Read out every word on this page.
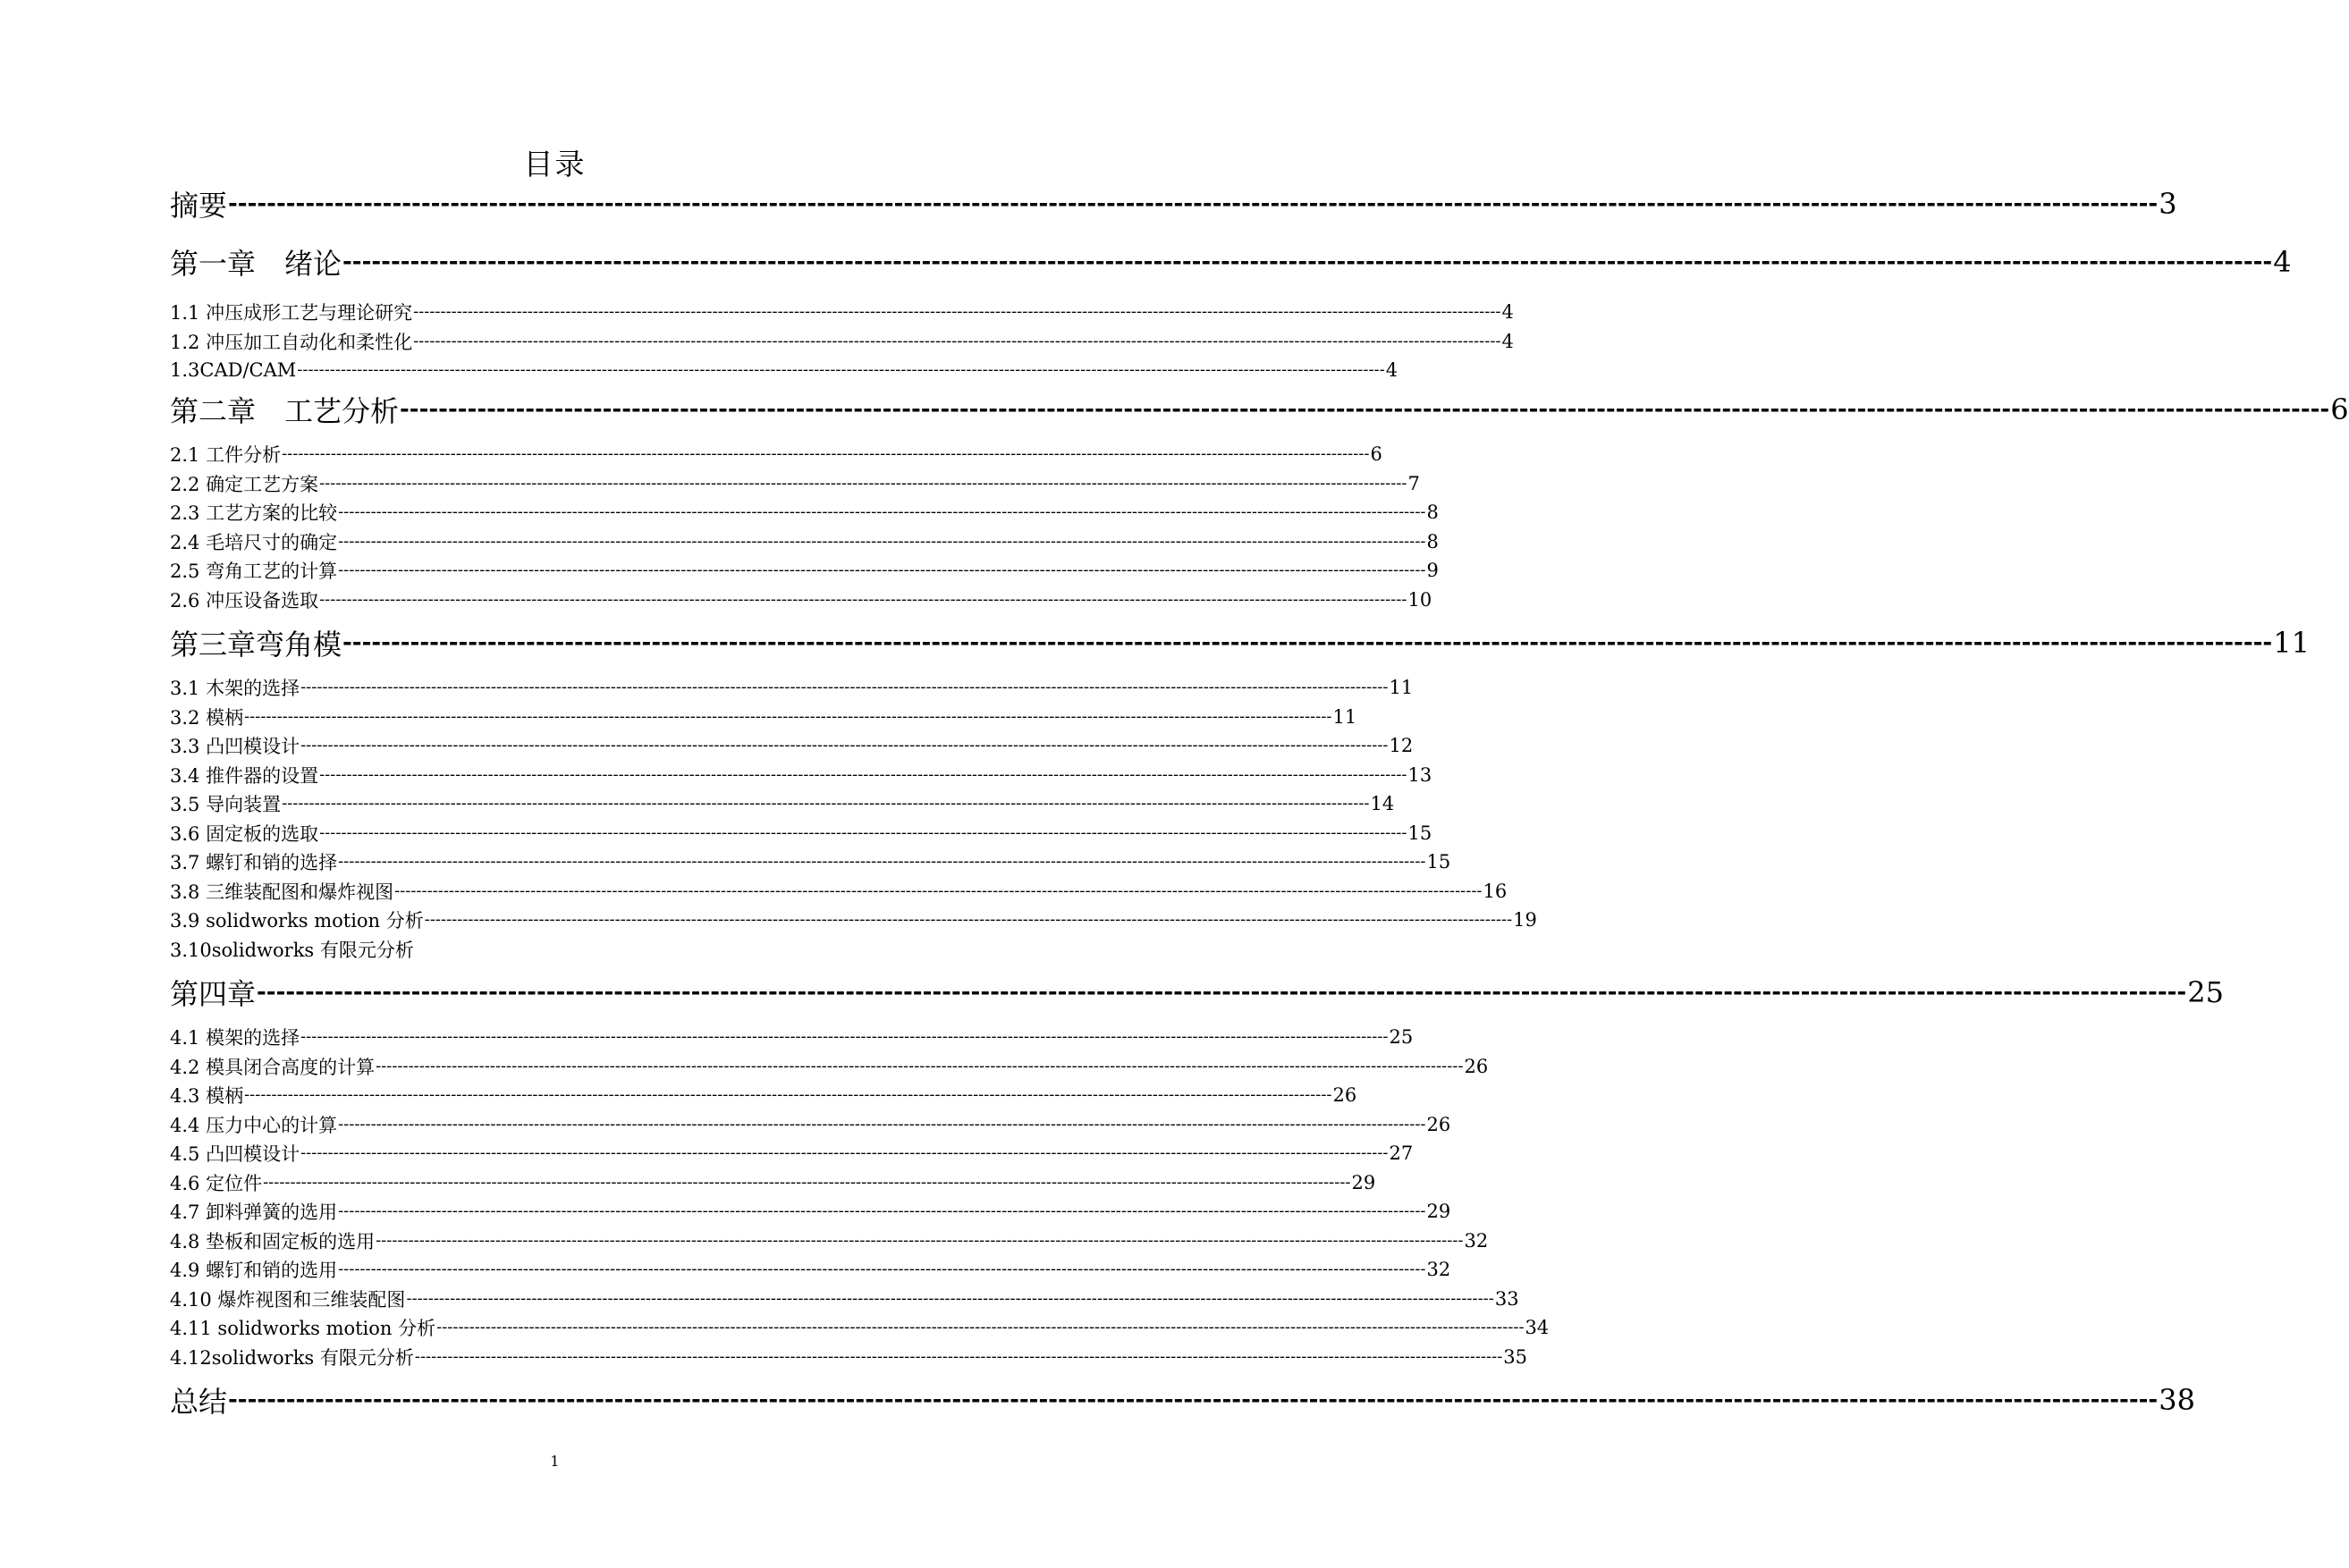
目录
摘要 -------------------------------------------------------------------------------------------------------------------------------------------------------------------------------------------------------- 3
第一章　绪论 -------------------------------------------------------------------------------------------------------------------------------------------------------------------------------------------------------- 4
1.1 冲压成形工艺与理论研究 -------------------------------------------------------------------------------------------------------------------------------------------------------------------------------------------------------- 4
1.2 冲压加工自动化和柔性化 -------------------------------------------------------------------------------------------------------------------------------------------------------------------------------------------------------- 4
1.3CAD/CAM -------------------------------------------------------------------------------------------------------------------------------------------------------------------------------------------------------- 4
第二章　工艺分析 -------------------------------------------------------------------------------------------------------------------------------------------------------------------------------------------------------- 6
2.1 工件分析 -------------------------------------------------------------------------------------------------------------------------------------------------------------------------------------------------------- 6
2.2 确定工艺方案 -------------------------------------------------------------------------------------------------------------------------------------------------------------------------------------------------------- 7
2.3 工艺方案的比较 -------------------------------------------------------------------------------------------------------------------------------------------------------------------------------------------------------- 8
2.4 毛培尺寸的确定 -------------------------------------------------------------------------------------------------------------------------------------------------------------------------------------------------------- 8
2.5 弯角工艺的计算 -------------------------------------------------------------------------------------------------------------------------------------------------------------------------------------------------------- 9
2.6 冲压设备选取 -------------------------------------------------------------------------------------------------------------------------------------------------------------------------------------------------------- 10
第三章弯角模 -------------------------------------------------------------------------------------------------------------------------------------------------------------------------------------------------------- 11
3.1 木架的选择 -------------------------------------------------------------------------------------------------------------------------------------------------------------------------------------------------------- 11
3.2 模柄 -------------------------------------------------------------------------------------------------------------------------------------------------------------------------------------------------------- 11
3.3 凸凹模设计 -------------------------------------------------------------------------------------------------------------------------------------------------------------------------------------------------------- 12
3.4 推件器的设置 -------------------------------------------------------------------------------------------------------------------------------------------------------------------------------------------------------- 13
3.5 导向装置 -------------------------------------------------------------------------------------------------------------------------------------------------------------------------------------------------------- 14
3.6 固定板的选取 -------------------------------------------------------------------------------------------------------------------------------------------------------------------------------------------------------- 15
3.7 螺钉和销的选择 -------------------------------------------------------------------------------------------------------------------------------------------------------------------------------------------------------- 15
3.8 三维装配图和爆炸视图 -------------------------------------------------------------------------------------------------------------------------------------------------------------------------------------------------------- 16
3.9 solidworks motion 分析 -------------------------------------------------------------------------------------------------------------------------------------------------------------------------------------------------------- 19
3.10solidworks 有限元分析
第四章 -------------------------------------------------------------------------------------------------------------------------------------------------------------------------------------------------------- 25
4.1 模架的选择 -------------------------------------------------------------------------------------------------------------------------------------------------------------------------------------------------------- 25
4.2 模具闭合高度的计算 -------------------------------------------------------------------------------------------------------------------------------------------------------------------------------------------------------- 26
4.3 模柄 -------------------------------------------------------------------------------------------------------------------------------------------------------------------------------------------------------- 26
4.4 压力中心的计算 -------------------------------------------------------------------------------------------------------------------------------------------------------------------------------------------------------- 26
4.5 凸凹模设计 -------------------------------------------------------------------------------------------------------------------------------------------------------------------------------------------------------- 27
4.6 定位件 -------------------------------------------------------------------------------------------------------------------------------------------------------------------------------------------------------- 29
4.7 卸料弹簧的选用 -------------------------------------------------------------------------------------------------------------------------------------------------------------------------------------------------------- 29
4.8 垫板和固定板的选用 -------------------------------------------------------------------------------------------------------------------------------------------------------------------------------------------------------- 32
4.9 螺钉和销的选用 -------------------------------------------------------------------------------------------------------------------------------------------------------------------------------------------------------- 32
4.10 爆炸视图和三维装配图 -------------------------------------------------------------------------------------------------------------------------------------------------------------------------------------------------------- 33
4.11 solidworks motion 分析 -------------------------------------------------------------------------------------------------------------------------------------------------------------------------------------------------------- 34
4.12solidworks 有限元分析 -------------------------------------------------------------------------------------------------------------------------------------------------------------------------------------------------------- 35
总结 -------------------------------------------------------------------------------------------------------------------------------------------------------------------------------------------------------- 38
1
